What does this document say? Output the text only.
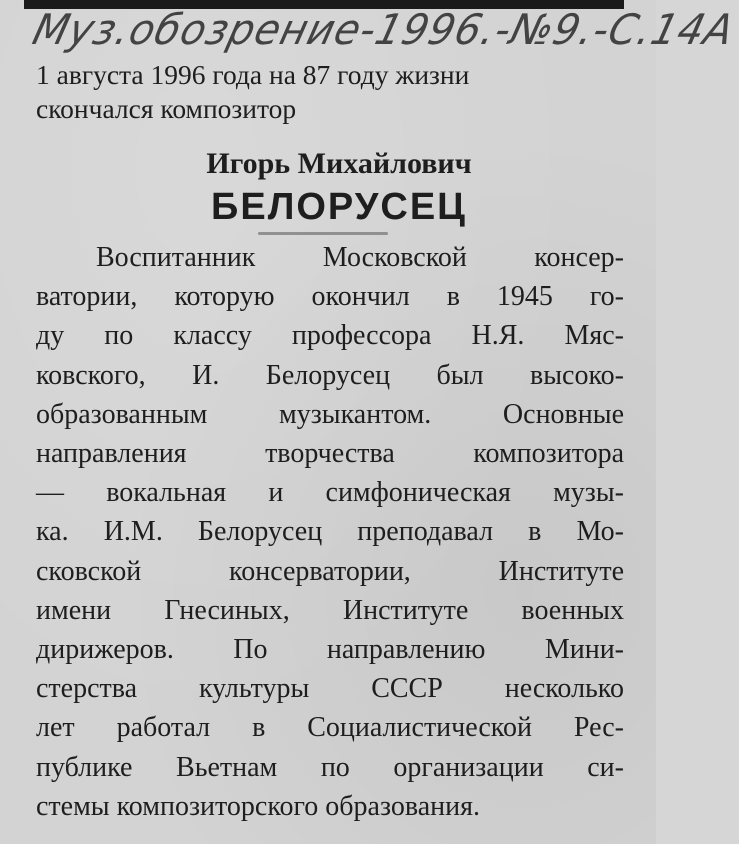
Муз.обозрение-1996.-№9.-С.14А

1 августа 1996 года на 87 году жизни
скончался композитор

Игорь Михайлович
БЕЛОРУСЕЦ
Воспитанник Московской консер-
ватории, которую окончил в 1945 го-
ду по классу профессора Н.Я. Мяс-
ковского, И. Белорусец был высоко-
образованным музыкантом. Основные
направления творчества композитора
— вокальная и симфоническая музы-
ка. И.М. Белорусец преподавал в Мо-
сковской консерватории, Институте
имени Гнесиных, Институте военных
дирижеров. По направлению Мини-
стерства культуры СССР несколько
лет работал в Социалистической Рес-
публике Вьетнам по организации си-
стемы композиторского образования.
